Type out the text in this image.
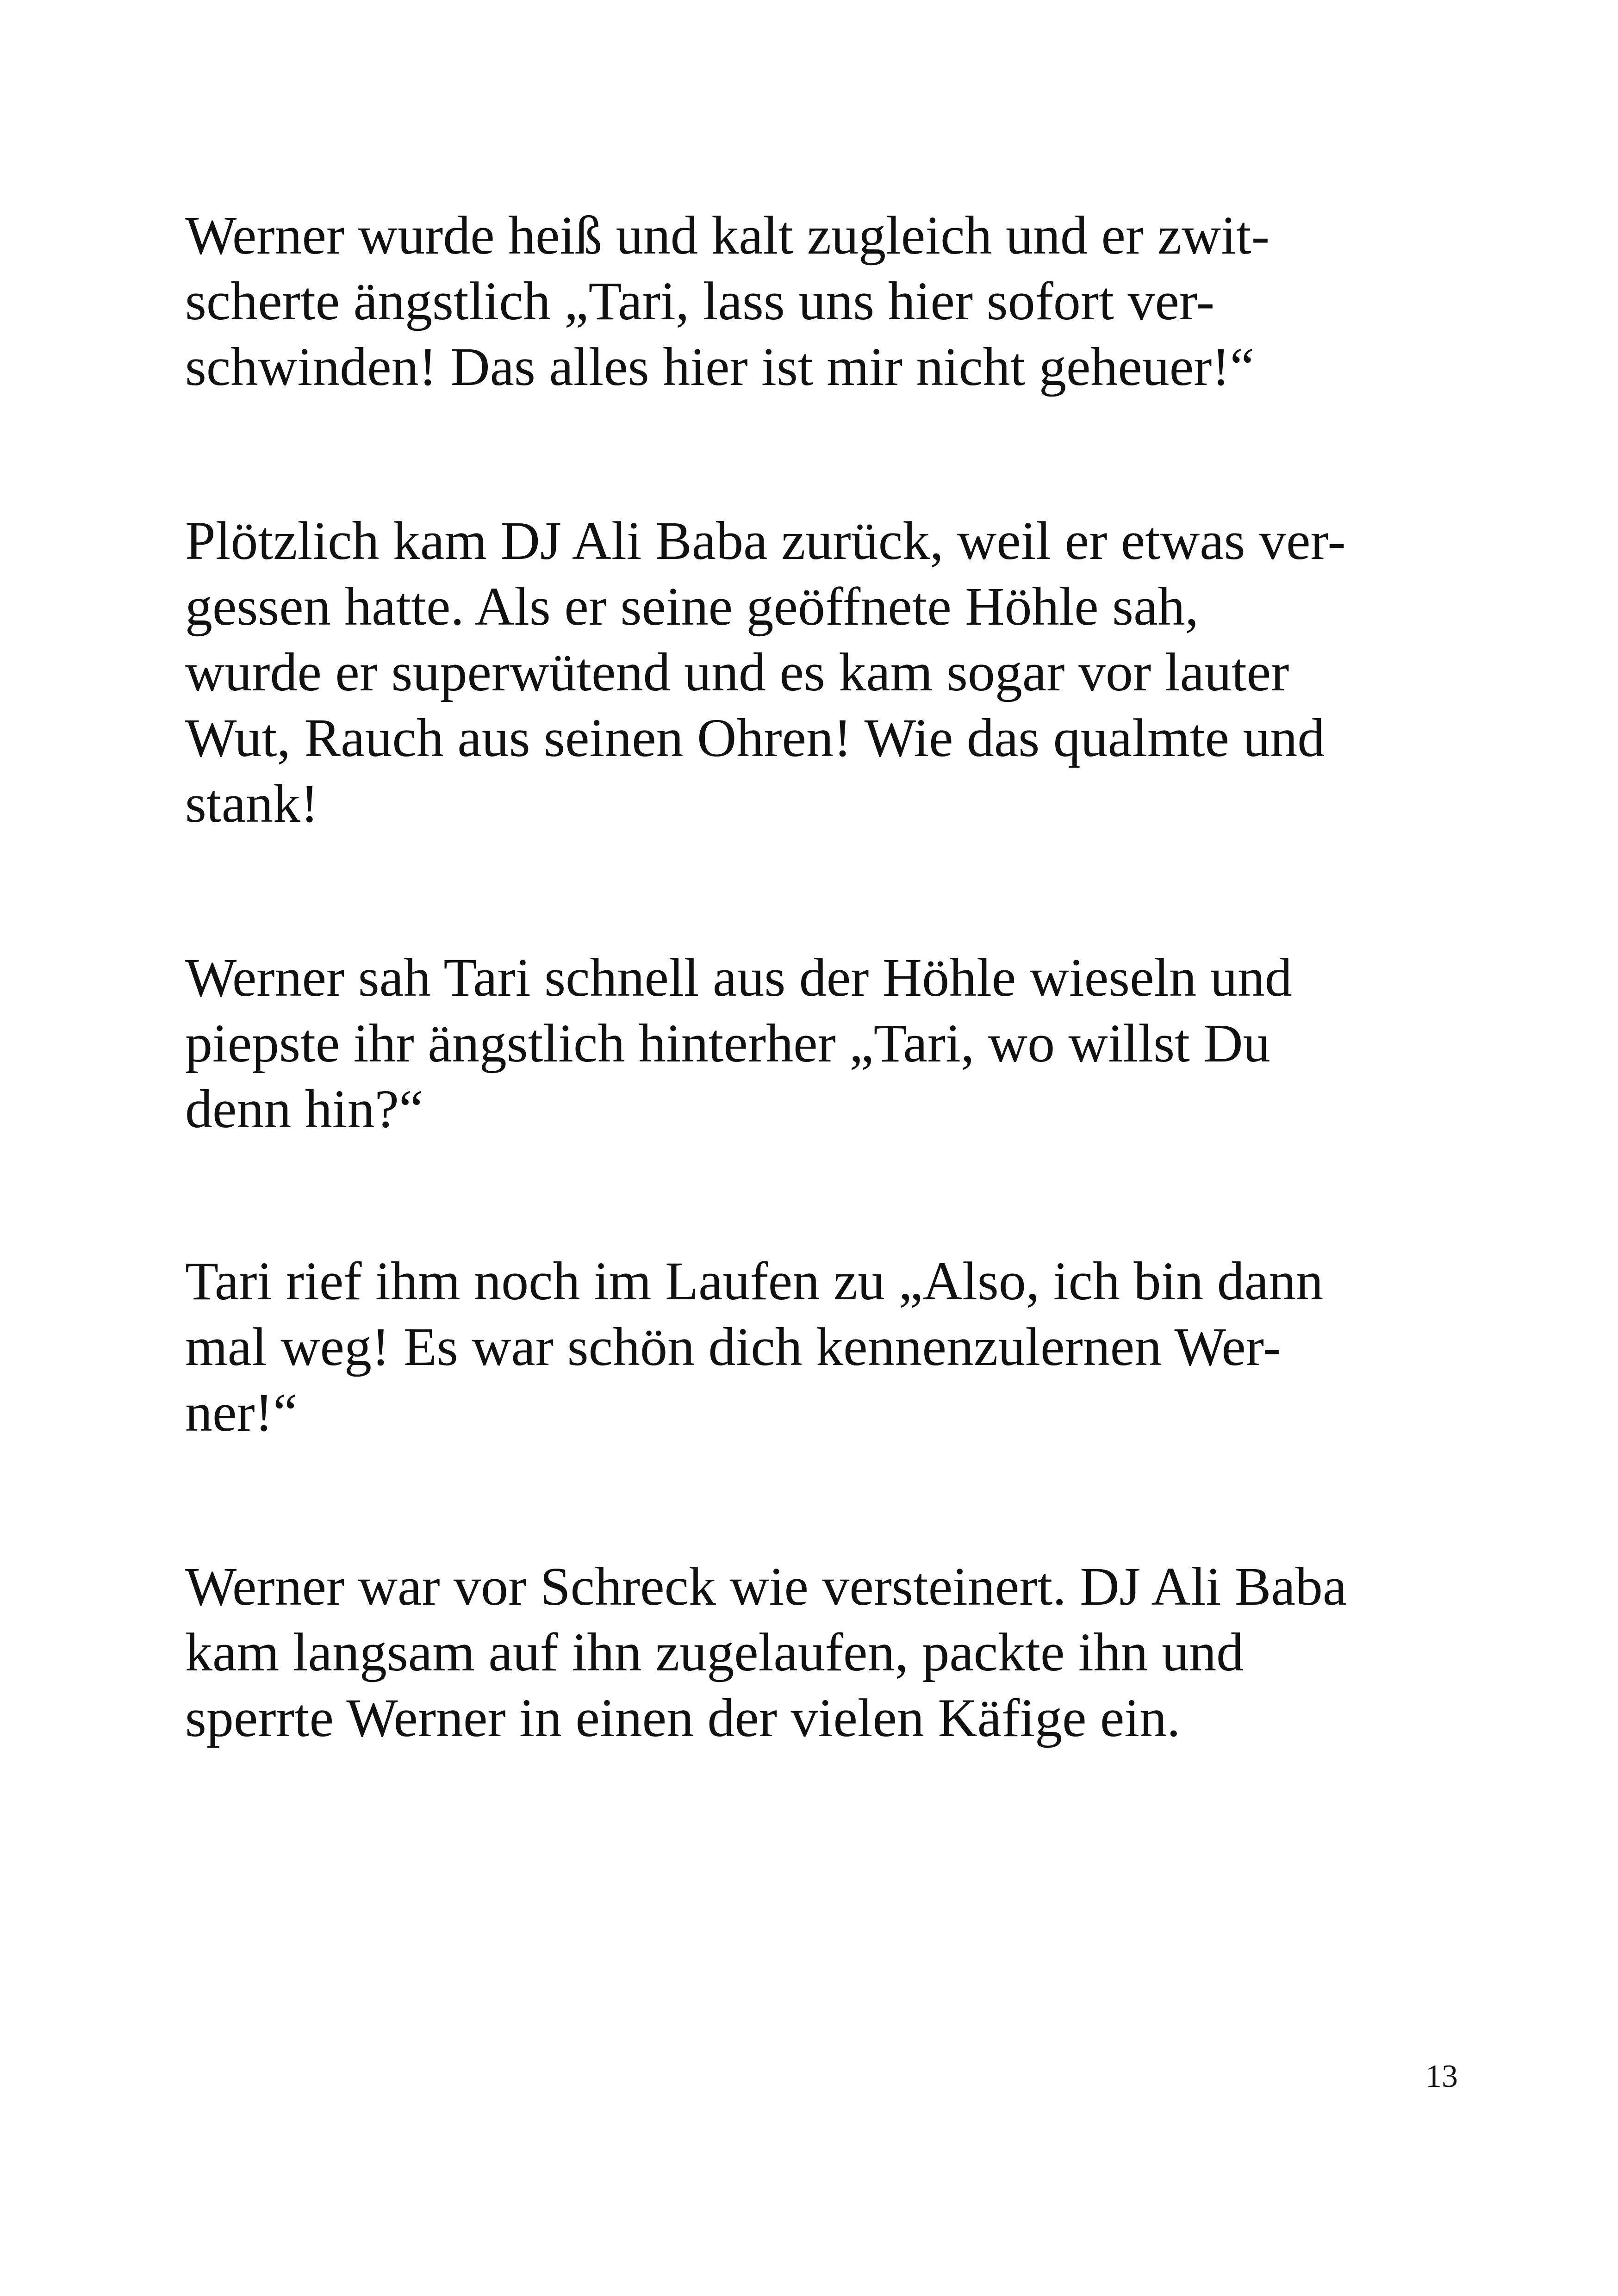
Werner wurde heiß und kalt zugleich und er zwit-
scherte ängstlich „Tari, lass uns hier sofort ver-
schwinden! Das alles hier ist mir nicht geheuer!“

Plötzlich kam DJ Ali Baba zurück, weil er etwas ver-
gessen hatte. Als er seine geöffnete Höhle sah,
wurde er superwütend und es kam sogar vor lauter
Wut, Rauch aus seinen Ohren! Wie das qualmte und
stank!

Werner sah Tari schnell aus der Höhle wieseln und
piepste ihr ängstlich hinterher „Tari, wo willst Du
denn hin?“

Tari rief ihm noch im Laufen zu „Also, ich bin dann
mal weg! Es war schön dich kennenzulernen Wer-
ner!“

Werner war vor Schreck wie versteinert. DJ Ali Baba
kam langsam auf ihn zugelaufen, packte ihn und
sperrte Werner in einen der vielen Käfige ein.

13
